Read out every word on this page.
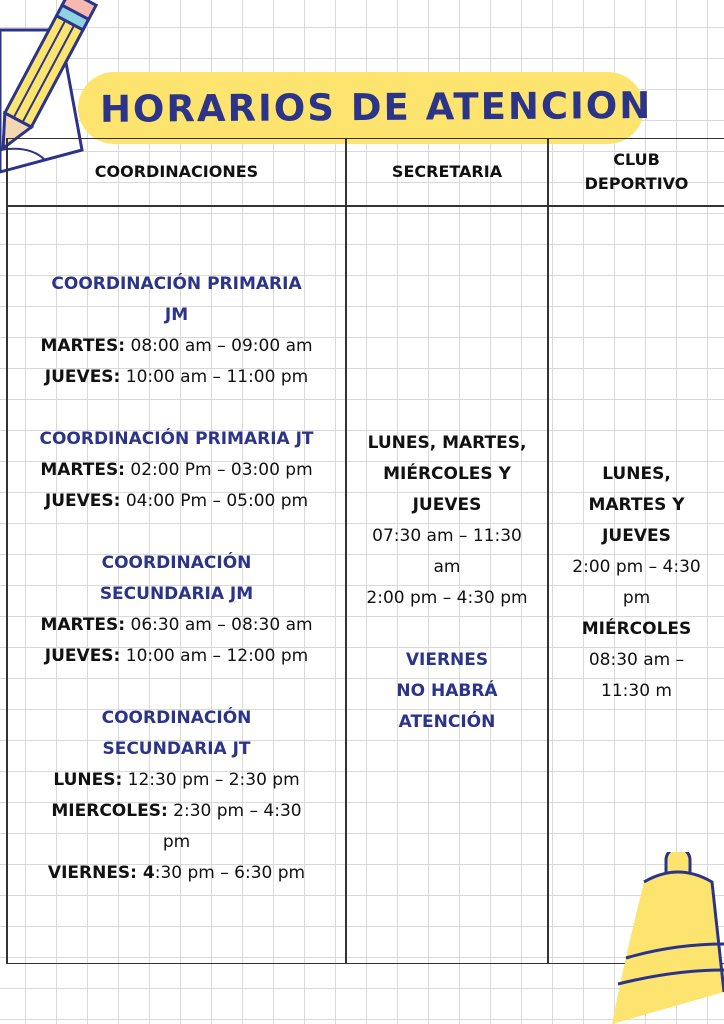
HORARIOS DE ATENCION
COORDINACIONES	SECRETARIA
CLUB
DEPORTIVO
COORDINACIÓN PRIMARIA
JM
MARTES: 08:00 am – 09:00 am
JUEVES: 10:00 am – 11:00 pm
COORDINACIÓN PRIMARIA JT
MARTES: 02:00 Pm – 03:00 pm
JUEVES: 04:00 Pm – 05:00 pm
COORDINACIÓN
SECUNDARIA JM
MARTES: 06:30 am – 08:30 am
JUEVES: 10:00 am – 12:00 pm
COORDINACIÓN
SECUNDARIA JT
LUNES: 12:30 pm – 2:30 pm
MIERCOLES: 2:30 pm – 4:30
pm
VIERNES: 4:30 pm – 6:30 pm
LUNES, MARTES,
MIÉRCOLES Y
JUEVES
07:30 am – 11:30
am
2:00 pm – 4:30 pm
VIERNES
NO HABRÁ
ATENCIÓN
LUNES,
MARTES Y
JUEVES
2:00 pm – 4:30
pm
MIÉRCOLES
08:30 am –
11:30 m
